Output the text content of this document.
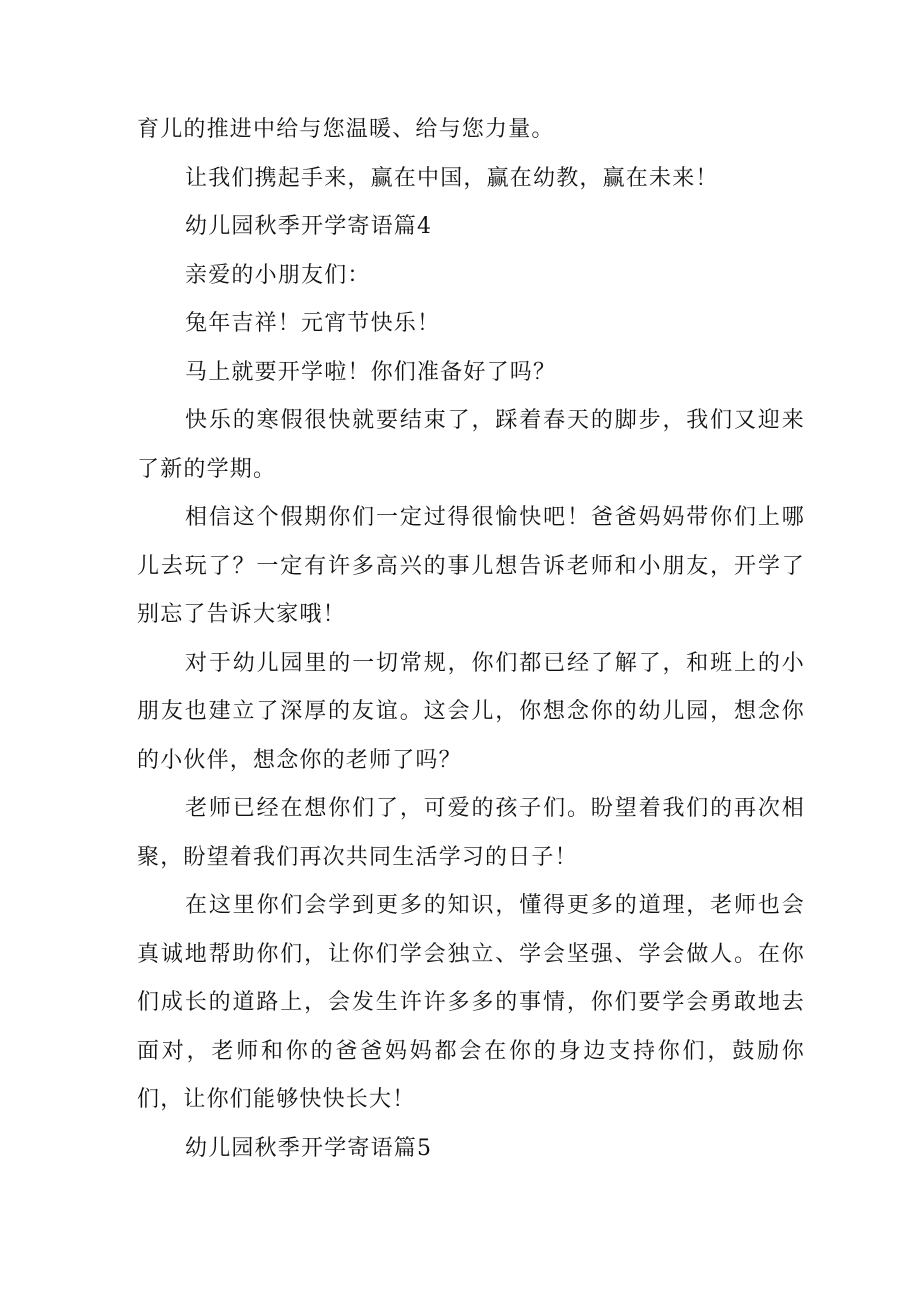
育儿的推进中给与您温暖、给与您力量。

让我们携起手来，赢在中国，赢在幼教，赢在未来！

幼儿园秋季开学寄语篇4

亲爱的小朋友们：

兔年吉祥！元宵节快乐！

马上就要开学啦！你们准备好了吗？

快乐的寒假很快就要结束了，踩着春天的脚步，我们又迎来了新的学期。

相信这个假期你们一定过得很愉快吧！爸爸妈妈带你们上哪儿去玩了？一定有许多高兴的事儿想告诉老师和小朋友，开学了别忘了告诉大家哦！

对于幼儿园里的一切常规，你们都已经了解了，和班上的小朋友也建立了深厚的友谊。这会儿，你想念你的幼儿园，想念你的小伙伴，想念你的老师了吗？

老师已经在想你们了，可爱的孩子们。盼望着我们的再次相聚，盼望着我们再次共同生活学习的日子！

在这里你们会学到更多的知识，懂得更多的道理，老师也会真诚地帮助你们，让你们学会独立、学会坚强、学会做人。在你们成长的道路上，会发生许许多多的事情，你们要学会勇敢地去面对，老师和你的爸爸妈妈都会在你的身边支持你们，鼓励你们，让你们能够快快长大！

幼儿园秋季开学寄语篇5
